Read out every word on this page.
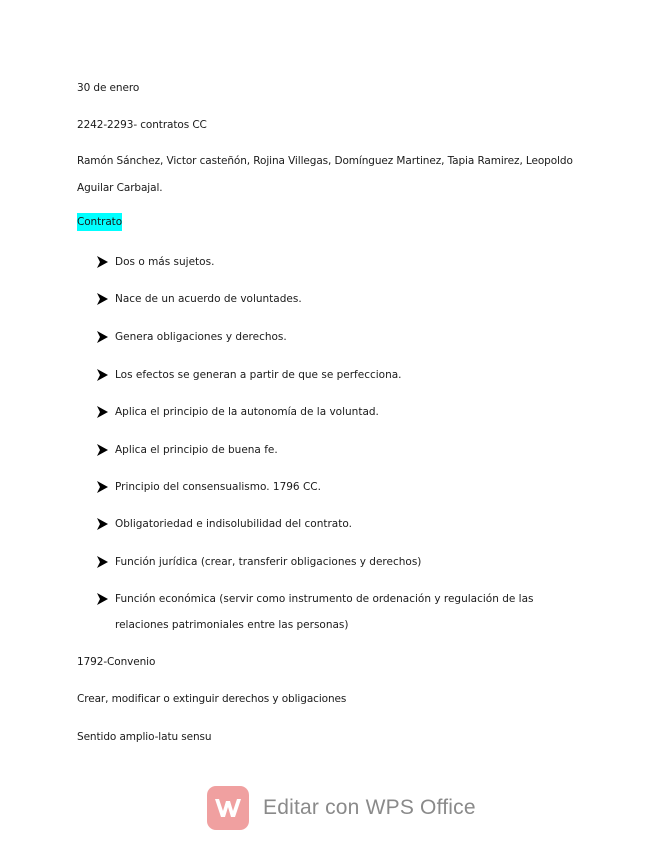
30 de enero
2242-2293- contratos CC
Ramón Sánchez, Victor casteñón, Rojina Villegas, Domínguez Martinez, Tapia Ramirez, Leopoldo
Aguilar Carbajal.
Contrato
Dos o más sujetos.
Nace de un acuerdo de voluntades.
Genera obligaciones y derechos.
Los efectos se generan a partir de que se perfecciona.
Aplica el principio de la autonomía de la voluntad.
Aplica el principio de buena fe.
Principio del consensualismo. 1796 CC.
Obligatoriedad e indisolubilidad del contrato.
Función jurídica (crear, transferir obligaciones y derechos)
Función económica (servir como instrumento de ordenación y regulación de las
relaciones patrimoniales entre las personas)
1792-Convenio
Crear, modificar o extinguir derechos y obligaciones
Sentido amplio-latu sensu
Editar con WPS Office
